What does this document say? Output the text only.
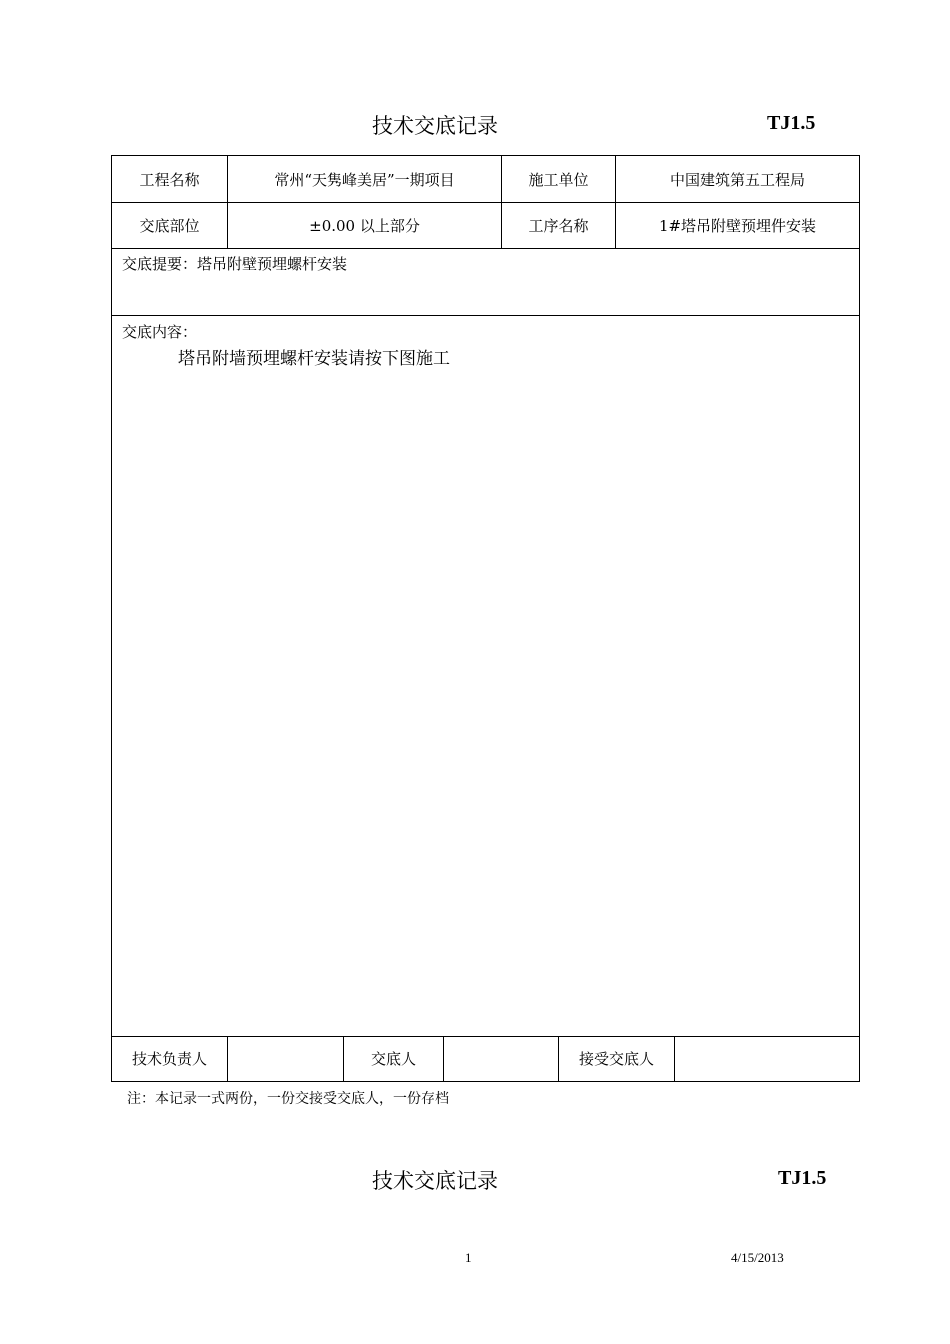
技术交底记录	TJ1.5
工程名称	常州“天隽峰美居”一期项目	施工单位	中国建筑第五工程局
交底部位	±0.00 以上部分	工序名称	1#塔吊附壁预埋件安装
交底提要：塔吊附壁预埋螺杆安装
交底内容：
塔吊附墙预埋螺杆安装请按下图施工
技术负责人	交底人	接受交底人
注：本记录一式两份，一份交接受交底人，一份存档
技术交底记录	TJ1.5
1	4/15/2013
